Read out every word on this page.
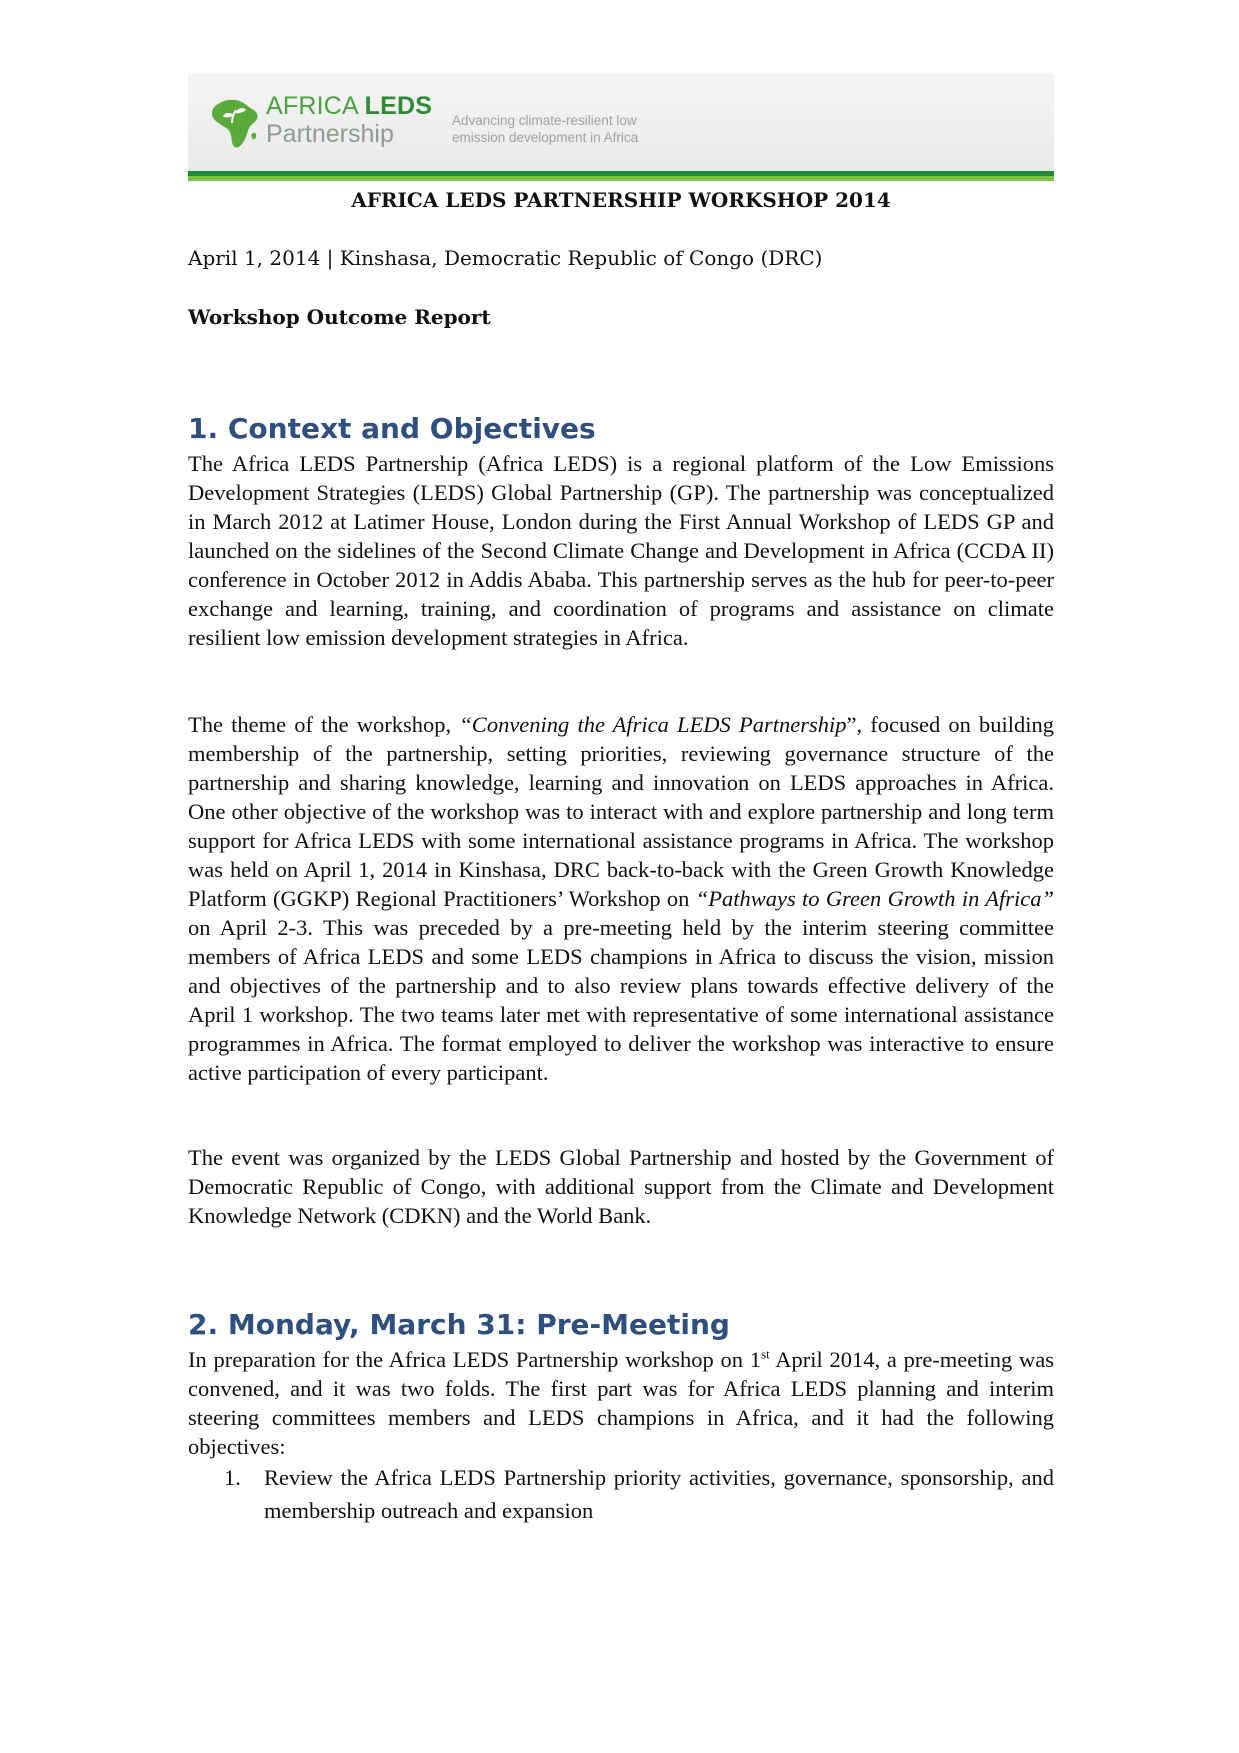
AFRICA LEDS
Partnership	Advancing climate-resilient low
emission development in Africa
AFRICA LEDS PARTNERSHIP WORKSHOP 2014
April 1, 2014 | Kinshasa, Democratic Republic of Congo (DRC)
Workshop Outcome Report
1. Context and Objectives

The Africa LEDS Partnership (Africa LEDS) is a regional platform of the Low Emissions Development Strategies (LEDS) Global Partnership (GP). The partnership was conceptualized in March 2012 at Latimer House, London during the First Annual Workshop of LEDS GP and launched on the sidelines of the Second Climate Change and Development in Africa (CCDA II) conference in October 2012 in Addis Ababa. This partnership serves as the hub for peer-to-peer exchange and learning, training, and coordination of programs and assistance on climate resilient low emission development strategies in Africa.

The theme of the workshop, “Convening the Africa LEDS Partnership”, focused on building membership of the partnership, setting priorities, reviewing governance structure of the partnership and sharing knowledge, learning and innovation on LEDS approaches in Africa. One other objective of the workshop was to interact with and explore partnership and long term support for Africa LEDS with some international assistance programs in Africa. The workshop was held on April 1, 2014 in Kinshasa, DRC back-to-back with the Green Growth Knowledge Platform (GGKP) Regional Practitioners’ Workshop on “Pathways to Green Growth in Africa” on April 2-3. This was preceded by a pre-meeting held by the interim steering committee members of Africa LEDS and some LEDS champions in Africa to discuss the vision, mission and objectives of the partnership and to also review plans towards effective delivery of the April 1 workshop. The two teams later met with representative of some international assistance programmes in Africa. The format employed to deliver the workshop was interactive to ensure active participation of every participant.

The event was organized by the LEDS Global Partnership and hosted by the Government of Democratic Republic of Congo, with additional support from the Climate and Development Knowledge Network (CDKN) and the World Bank.

2. Monday, March 31: Pre-Meeting

In preparation for the Africa LEDS Partnership workshop on 1st April 2014, a pre-meeting was convened, and it was two folds. The first part was for Africa LEDS planning and interim steering committees members and LEDS champions in Africa, and it had the following objectives:

1. Review the Africa LEDS Partnership priority activities, governance, sponsorship, and membership outreach and expansion
